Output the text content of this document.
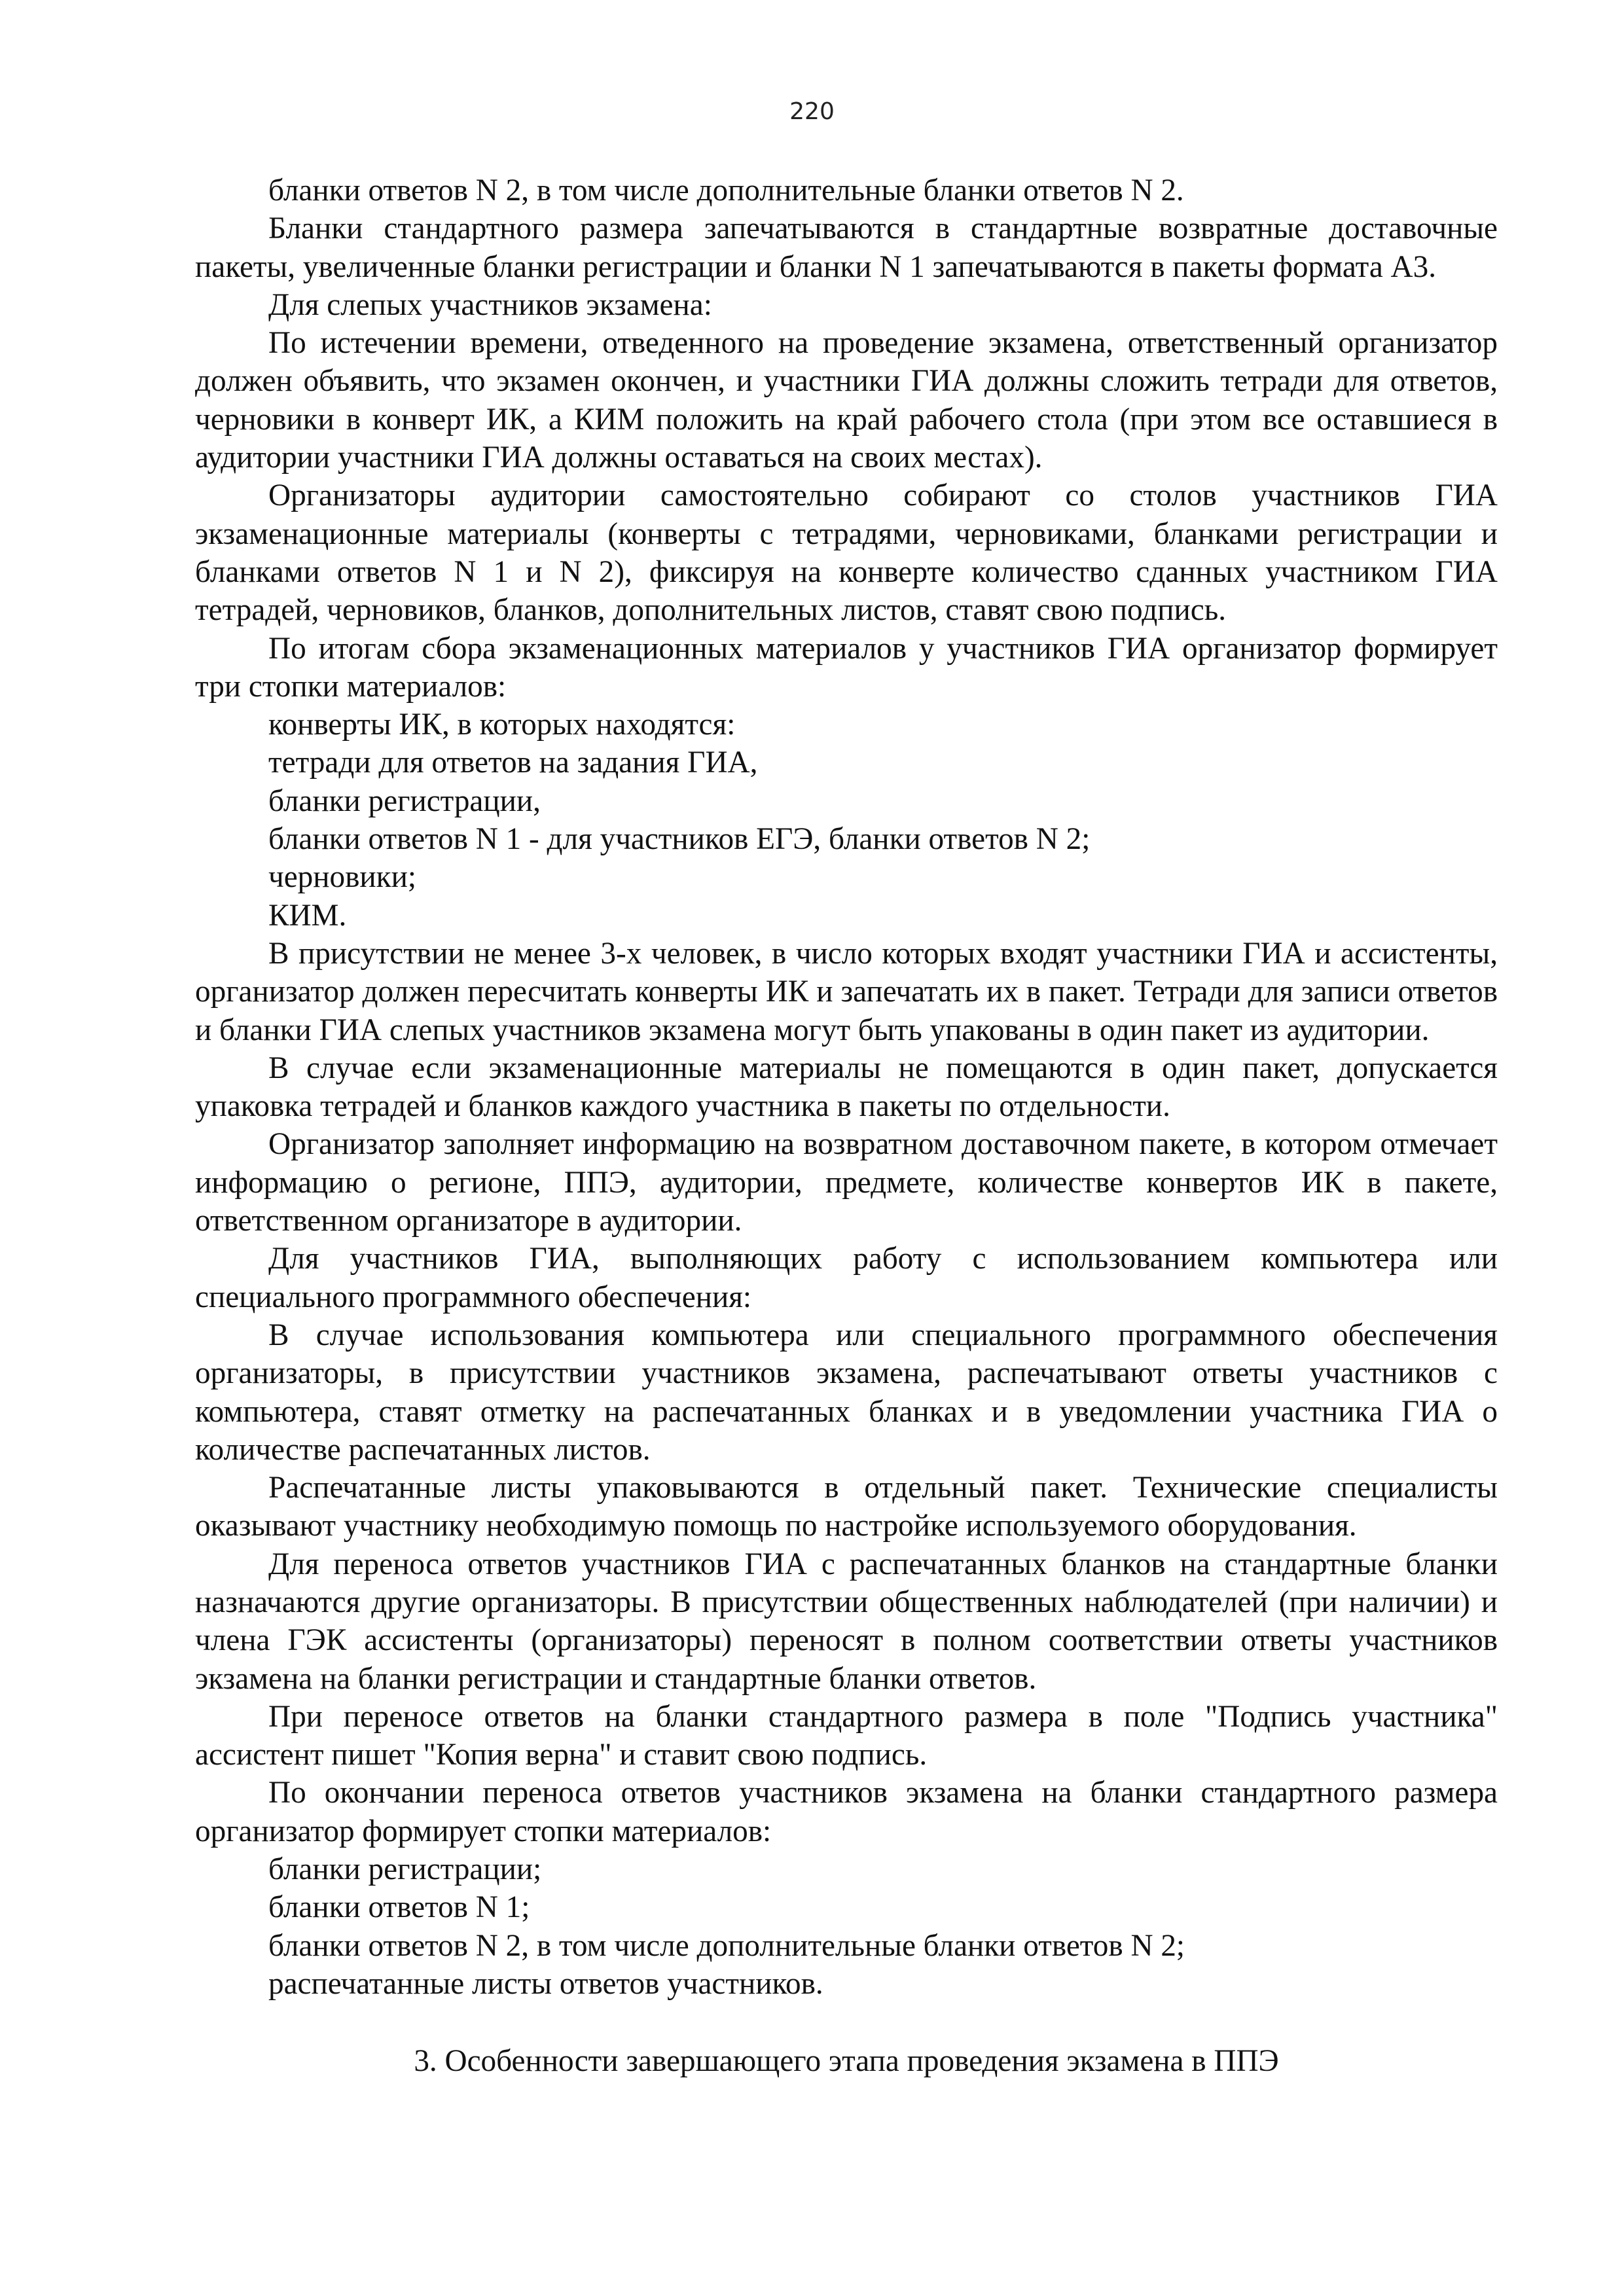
220

бланки ответов N 2, в том числе дополнительные бланки ответов N 2.

Бланки стандартного размера запечатываются в стандартные возвратные доставочные пакеты, увеличенные бланки регистрации и бланки N 1 запечатываются в пакеты формата А3.

Для слепых участников экзамена:

По истечении времени, отведенного на проведение экзамена, ответственный организатор должен объявить, что экзамен окончен, и участники ГИА должны сложить тетради для ответов, черновики в конверт ИК, а КИМ положить на край рабочего стола (при этом все оставшиеся в аудитории участники ГИА должны оставаться на своих местах).

Организаторы аудитории самостоятельно собирают со столов участников ГИА экзаменационные материалы (конверты с тетрадями, черновиками, бланками регистрации и бланками ответов N 1 и N 2), фиксируя на конверте количество сданных участником ГИА тетрадей, черновиков, бланков, дополнительных листов, ставят свою подпись.

По итогам сбора экзаменационных материалов у участников ГИА организатор формирует три стопки материалов:

конверты ИК, в которых находятся:

тетради для ответов на задания ГИА,

бланки регистрации,

бланки ответов N 1 - для участников ЕГЭ, бланки ответов N 2;

черновики;

КИМ.

В присутствии не менее 3-х человек, в число которых входят участники ГИА и ассистенты, организатор должен пересчитать конверты ИК и запечатать их в пакет. Тетради для записи ответов и бланки ГИА слепых участников экзамена могут быть упакованы в один пакет из аудитории.

В случае если экзаменационные материалы не помещаются в один пакет, допускается упаковка тетрадей и бланков каждого участника в пакеты по отдельности.

Организатор заполняет информацию на возвратном доставочном пакете, в котором отмечает информацию о регионе, ППЭ, аудитории, предмете, количестве конвертов ИК в пакете, ответственном организаторе в аудитории.

Для участников ГИА, выполняющих работу с использованием компьютера или специального программного обеспечения:

В случае использования компьютера или специального программного обеспечения организаторы, в присутствии участников экзамена, распечатывают ответы участников с компьютера, ставят отметку на распечатанных бланках и в уведомлении участника ГИА о количестве распечатанных листов.

Распечатанные листы упаковываются в отдельный пакет. Технические специалисты оказывают участнику необходимую помощь по настройке используемого оборудования.

Для переноса ответов участников ГИА с распечатанных бланков на стандартные бланки назначаются другие организаторы. В присутствии общественных наблюдателей (при наличии) и члена ГЭК ассистенты (организаторы) переносят в полном соответствии ответы участников экзамена на бланки регистрации и стандартные бланки ответов.

При переносе ответов на бланки стандартного размера в поле "Подпись участника" ассистент пишет "Копия верна" и ставит свою подпись.

По окончании переноса ответов участников экзамена на бланки стандартного размера организатор формирует стопки материалов:

бланки регистрации;

бланки ответов N 1;

бланки ответов N 2, в том числе дополнительные бланки ответов N 2;

распечатанные листы ответов участников.

3. Особенности завершающего этапа проведения экзамена в ППЭ
